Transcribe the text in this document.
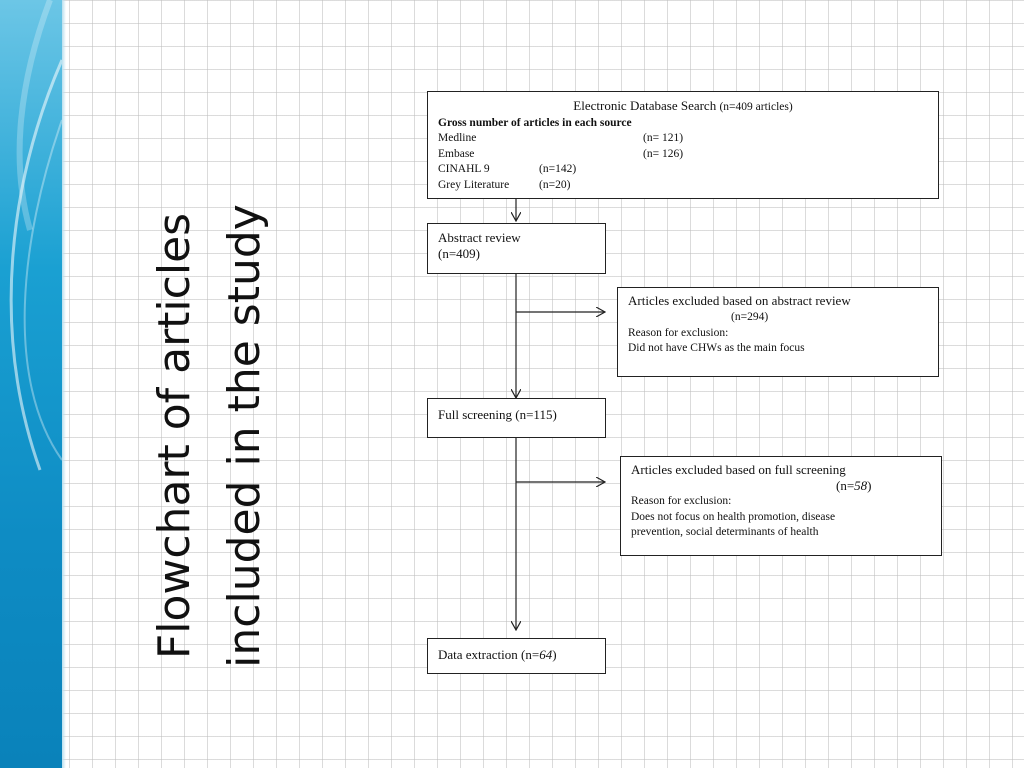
Flowchart of articles included in the study
Electronic Database Search (n=409 articles)
Gross number of articles in each source
Medline	(n= 121)
Embase	(n= 126)
CINAHL 9	(n=142)
Grey Literature	(n=20)
Abstract review
(n=409)
Articles excluded based on abstract review
(n=294)
Reason for exclusion:
Did not have CHWs as the main focus
Full screening (n=115)
Articles excluded based on full screening
(n=58)
Reason for exclusion:
Does not focus on health promotion, disease
prevention, social determinants of health
Data extraction (n=64)
